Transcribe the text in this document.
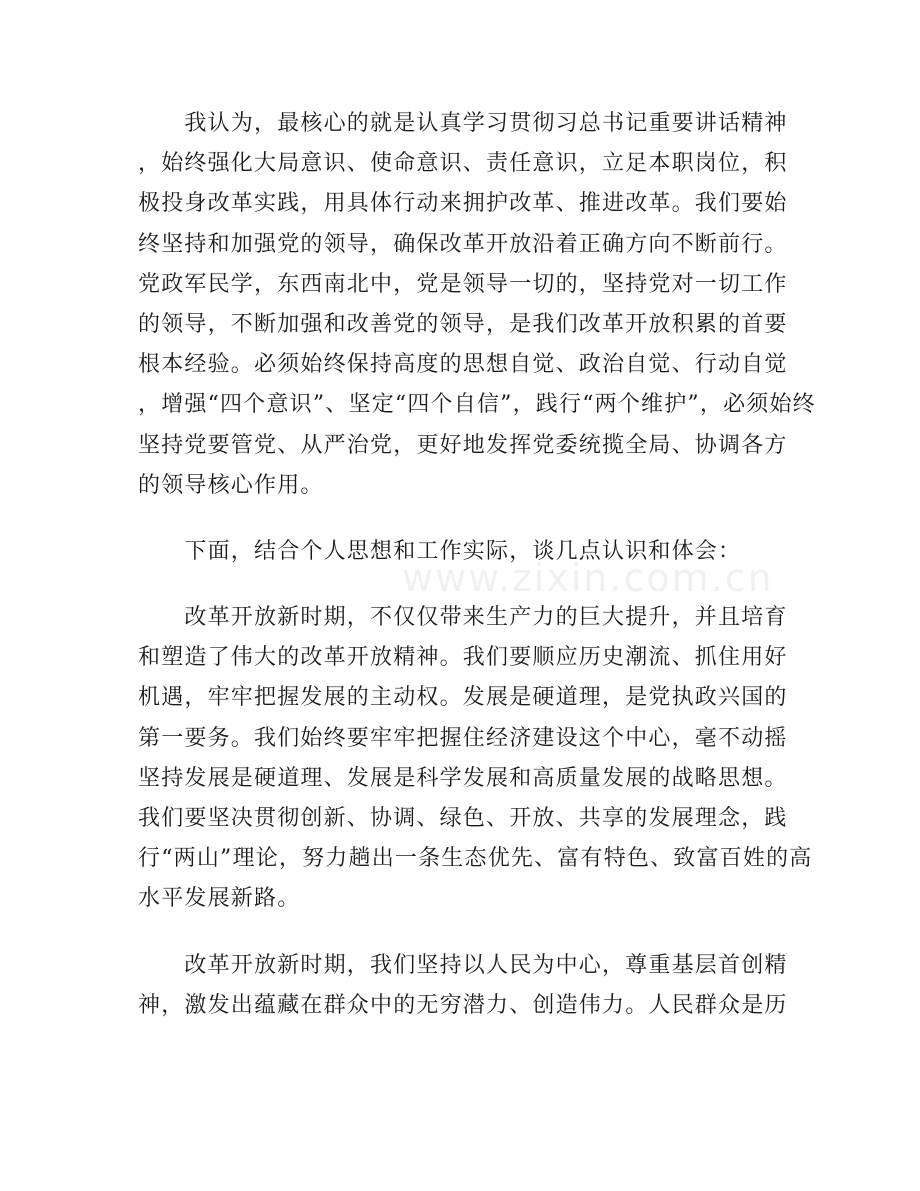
www.zixin.com.cn
　　我认为，最核心的就是认真学习贯彻习总书记重要讲话精神
，始终强化大局意识、使命意识、责任意识，立足本职岗位，积
极投身改革实践，用具体行动来拥护改革、推进改革。我们要始
终坚持和加强党的领导，确保改革开放沿着正确方向不断前行。
党政军民学，东西南北中，党是领导一切的，坚持党对一切工作
的领导，不断加强和改善党的领导，是我们改革开放积累的首要
根本经验。必须始终保持高度的思想自觉、政治自觉、行动自觉
，增强“四个意识”、坚定“四个自信”，践行“两个维护”，必须始终
坚持党要管党、从严治党，更好地发挥党委统揽全局、协调各方
的领导核心作用。
　　下面，结合个人思想和工作实际，谈几点认识和体会：
　　改革开放新时期，不仅仅带来生产力的巨大提升，并且培育
和塑造了伟大的改革开放精神。我们要顺应历史潮流、抓住用好
机遇，牢牢把握发展的主动权。发展是硬道理，是党执政兴国的
第一要务。我们始终要牢牢把握住经济建设这个中心，毫不动摇
坚持发展是硬道理、发展是科学发展和高质量发展的战略思想。
我们要坚决贯彻创新、协调、绿色、开放、共享的发展理念，践
行“两山”理论，努力趟出一条生态优先、富有特色、致富百姓的高
水平发展新路。
　　改革开放新时期，我们坚持以人民为中心，尊重基层首创精
神，激发出蕴藏在群众中的无穷潜力、创造伟力。人民群众是历
